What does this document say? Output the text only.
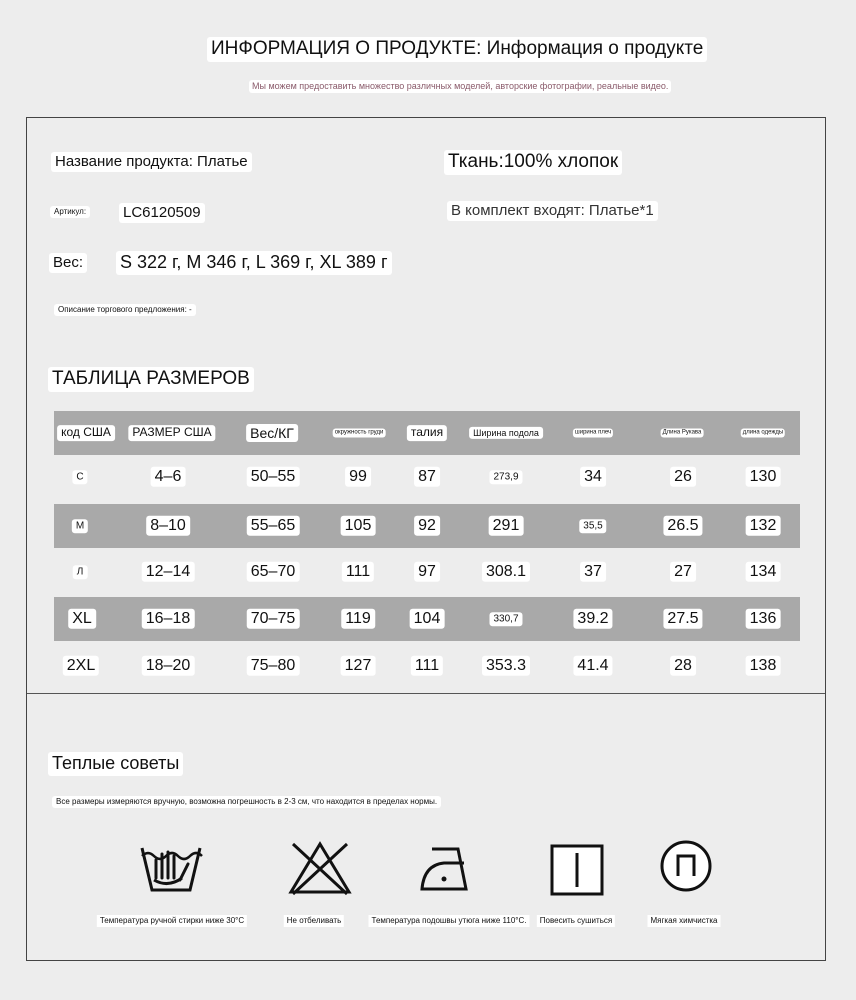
ИНФОРМАЦИЯ О ПРОДУКТЕ: Информация о продукте
Мы можем предоставить множество различных моделей, авторские фотографии, реальные видео.
Название продукта: Платье	Ткань:100% хлопок
Артикул: LC6120509	В комплект входят: Платье*1
Вес: S 322 г, M 346 г, L 369 г, XL 389 г
Описание торгового предложения: -
ТАБЛИЦА РАЗМЕРОВ
код США	РАЗМЕР США	Вес/КГ	окружность груди	талия	Ширина подола	ширина плеч	Длина Рукава	длина одежды
С	4–6	50–55	99	87	273,9	34	26	130
М	8–10	55–65	105	92	291	35,5	26.5	132
Л	12–14	65–70	111	97	308.1	37	27	134
XL	16–18	70–75	119	104	330,7	39.2	27.5	136
2XL	18–20	75–80	127	111	353.3	41.4	28	138
Теплые советы
Все размеры измеряются вручную, возможна погрешность в 2-3 см, что находится в пределах нормы.
Температура ручной стирки ниже 30°C	Не отбеливать	Температура подошвы утюга ниже 110°C.	Повесить сушиться	Мягкая химчистка
